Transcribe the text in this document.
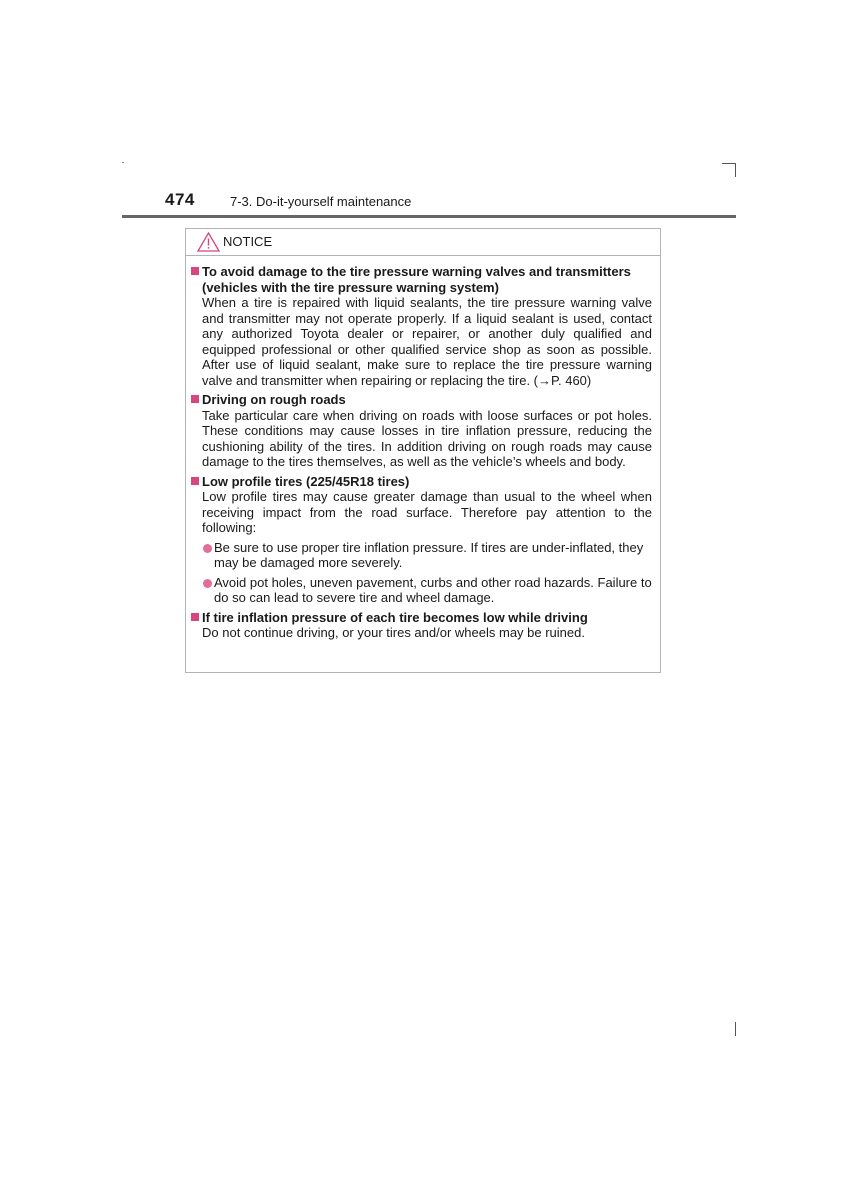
474	7-3. Do-it-yourself maintenance
NOTICE
To avoid damage to the tire pressure warning valves and transmitters (vehicles with the tire pressure warning system)
When a tire is repaired with liquid sealants, the tire pressure warning valve and transmitter may not operate properly. If a liquid sealant is used, contact any authorized Toyota dealer or repairer, or another duly qualified and equipped professional or other qualified service shop as soon as possible. After use of liquid sealant, make sure to replace the tire pressure warning valve and transmitter when repairing or replacing the tire. (→P. 460)
Driving on rough roads
Take particular care when driving on roads with loose surfaces or pot holes. These conditions may cause losses in tire inflation pressure, reducing the cushioning ability of the tires. In addition driving on rough roads may cause damage to the tires themselves, as well as the vehicle’s wheels and body.
Low profile tires (225/45R18 tires)
Low profile tires may cause greater damage than usual to the wheel when receiving impact from the road surface. Therefore pay attention to the following:
Be sure to use proper tire inflation pressure. If tires are under-inflated, they may be damaged more severely.
Avoid pot holes, uneven pavement, curbs and other road hazards. Failure to do so can lead to severe tire and wheel damage.
If tire inflation pressure of each tire becomes low while driving
Do not continue driving, or your tires and/or wheels may be ruined.
